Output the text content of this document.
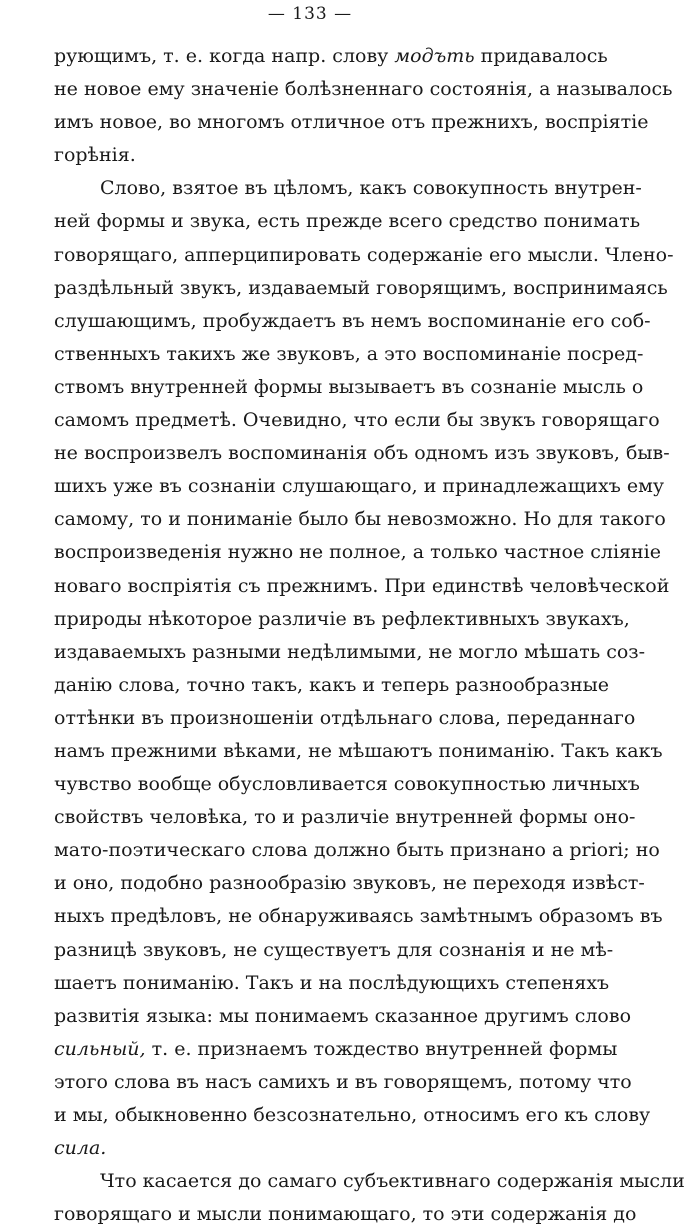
— 133 —
рующимъ, т. е. когда напр. слову модъть придавалось
не новое ему значеніе болѣзненнаго состоянія, а называлось
имъ новое, во многомъ отличное отъ прежнихъ, воспріятіе
горѣнія.
Слово, взятое въ цѣломъ, какъ совокупность внутрен-
ней формы и звука, есть прежде всего средство понимать
говорящаго, апперципировать содержаніе его мысли. Члено-
раздѣльный звукъ, издаваемый говорящимъ, воспринимаясь
слушающимъ, пробуждаетъ въ немъ воспоминаніе его соб-
ственныхъ такихъ же звуковъ, а это воспоминаніе посред-
ствомъ внутренней формы вызываетъ въ сознаніе мысль о
самомъ предметѣ. Очевидно, что если бы звукъ говорящаго
не воспроизвелъ воспоминанія объ одномъ изъ звуковъ, быв-
шихъ уже въ сознаніи слушающаго, и принадлежащихъ ему
самому, то и пониманіе было бы невозможно. Но для такого
воспроизведенія нужно не полное, а только частное сліяніе
новаго воспріятія съ прежнимъ. При единствѣ человѣческой
природы нѣкоторое различіе въ рефлективныхъ звукахъ,
издаваемыхъ разными недѣлимыми, не могло мѣшать соз-
данію слова, точно такъ, какъ и теперь разнообразные
оттѣнки въ произношеніи отдѣльнаго слова, переданнаго
намъ прежними вѣками, не мѣшаютъ пониманію. Такъ какъ
чувство вообще обусловливается совокупностью личныхъ
свойствъ человѣка, то и различіе внутренней формы оно-
мато-поэтическаго слова должно быть признано a priori; но
и оно, подобно разнообразію звуковъ, не переходя извѣст-
ныхъ предѣловъ, не обнаруживаясь замѣтнымъ образомъ въ
разницѣ звуковъ, не существуетъ для сознанія и не мѣ-
шаетъ пониманію. Такъ и на послѣдующихъ степеняхъ
развитія языка: мы понимаемъ сказанное другимъ слово
сильный, т. е. признаемъ тождество внутренней формы
этого слова въ насъ самихъ и въ говорящемъ, потому что
и мы, обыкновенно безсознательно, относимъ его къ слову
сила.
Что касается до самаго субъективнаго содержанія мысли
говорящаго и мысли понимающаго, то эти содержанія до
